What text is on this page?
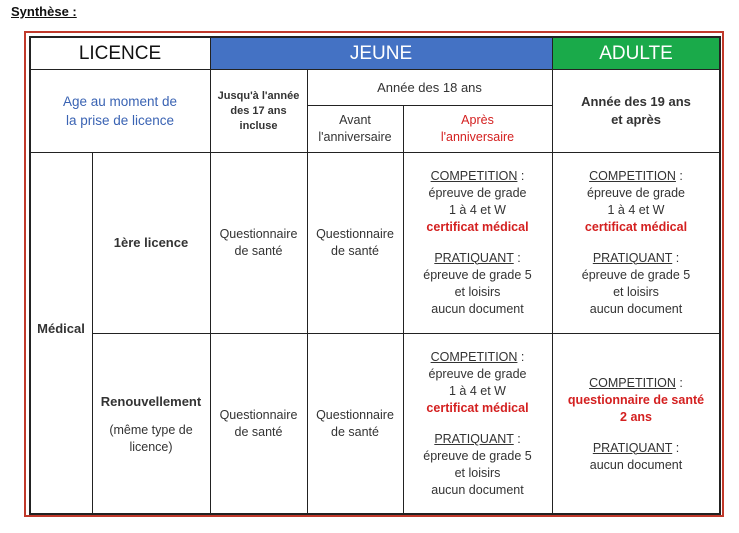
Synthèse :
LICENCE	JEUNE	ADULTE
Age au moment de
la prise de licence
Jusqu'à l'année
des 17 ans
incluse
Année des 18 ans
Avant
l'anniversaire
Après
l'anniversaire
Année des 19 ans
et après
Médical
1ère licence
Questionnaire
de santé
Questionnaire
de santé
COMPETITION :
épreuve de grade
1 à 4 et W
certificat médical
PRATIQUANT :
épreuve de grade 5
et loisirs
aucun document
COMPETITION :
épreuve de grade
1 à 4 et W
certificat médical
PRATIQUANT :
épreuve de grade 5
et loisirs
aucun document
Renouvellement
(même type de
licence)
Questionnaire
de santé
Questionnaire
de santé
COMPETITION :
épreuve de grade
1 à 4 et W
certificat médical
PRATIQUANT :
épreuve de grade 5
et loisirs
aucun document
COMPETITION :
questionnaire de santé
2 ans
PRATIQUANT :
aucun document
